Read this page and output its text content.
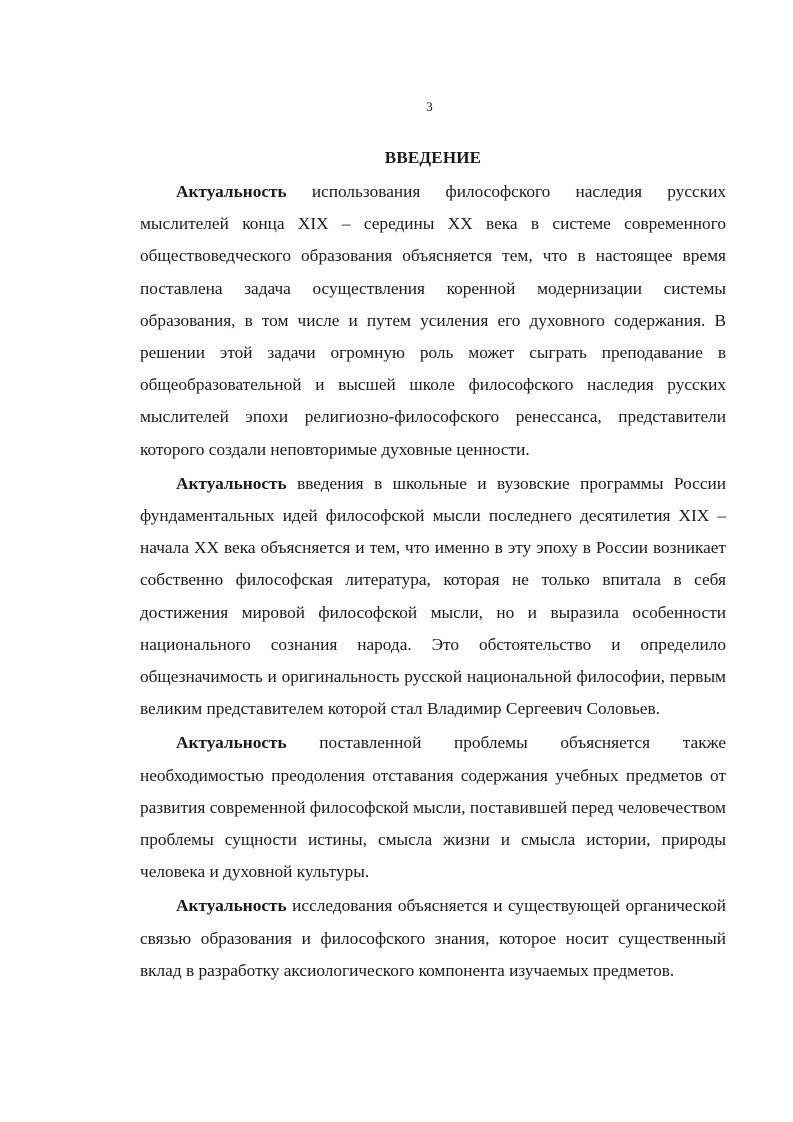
3
ВВЕДЕНИЕ

Актуальность использования философского наследия русских мыслителей конца XIX – середины XX века в системе современного обществоведческого образования объясняется тем, что в настоящее время поставлена задача осуществления коренной модернизации системы образования, в том числе и путем усиления его духовного содержания. В решении этой задачи огромную роль может сыграть преподавание в общеобразовательной и высшей школе философского наследия русских мыслителей эпохи религиозно-философского ренессанса, представители которого создали неповторимые духовные ценности.

Актуальность введения в школьные и вузовские программы России фундаментальных идей философской мысли последнего десятилетия XIX – начала XX века объясняется и тем, что именно в эту эпоху в России возникает собственно философская литература, которая не только впитала в себя достижения мировой философской мысли, но и выразила особенности национального сознания народа. Это обстоятельство и определило общезначимость и оригинальность русской национальной философии, первым великим представителем которой стал Владимир Сергеевич Соловьев.

Актуальность поставленной проблемы объясняется также необходимостью преодоления отставания содержания учебных предметов от развития современной философской мысли, поставившей перед человечеством проблемы сущности истины, смысла жизни и смысла истории, природы человека и духовной культуры.

Актуальность исследования объясняется и существующей органической связью образования и философского знания, которое носит существенный вклад в разработку аксиологического компонента изучаемых предметов.
